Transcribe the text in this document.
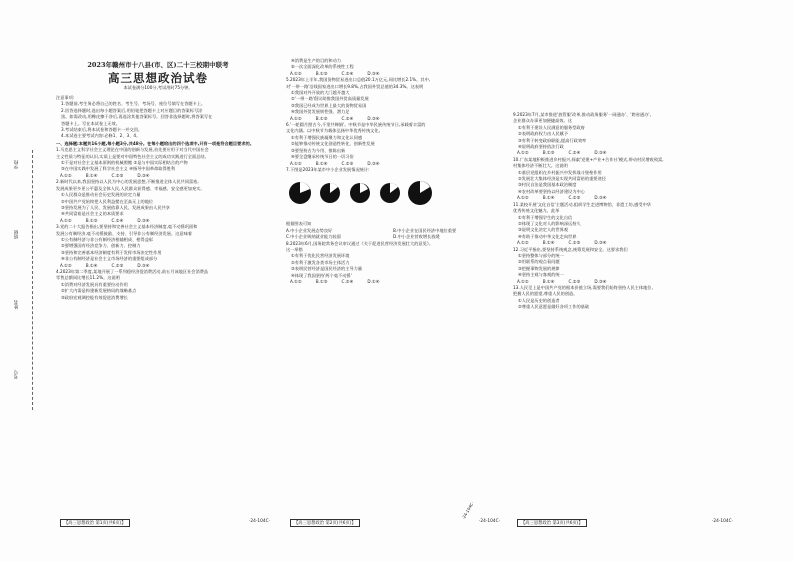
学校
班级
姓名
考号
2023年赣州市十八县(市、区)二十三校期中联考
高三思想政治试卷
本试卷满分100分,考试用时75分钟。
注意事项:
1.答题前,考生务必将自己的姓名、考生号、考场号、座位号填写在答题卡上。
2.回答选择题时,选出每小题答案后,用铅笔把答题卡上对应题目的答案标号涂
黑。如需改动,用橡皮擦干净后,再选涂其他答案标号。回答非选择题时,将答案写在
答题卡上。写在本试卷上无效。
3.考试结束后,将本试卷和答题卡一并交回。
4.本试卷主要考试内容:必修1、2、3、4。
一、选择题:本题共16小题,每小题3分,共48分。在每小题给出的四个选项中,只有一项是符合题目要求的。
1.马克思主义科学社会主义理论在中国的创新与发展,首先要应用于对当代中国社会
主义性质与特征的认识,实质上是要对中国特色社会主义的成功实践进行全面总结。
①不是对社会主义基本原则的机械照搬 ②是与中国实际相结合的产物
③在中国实践中发展了科学社会主义 ④指导中国革命取得胜利
A.①②	B.①④	C.②③	D.③④
2.新时代以来,我国坚持以人民为中心的发展思想,不断推进全体人民共同富裕,
发展成果更多更公平惠及全体人民,人民群众获得感、幸福感、安全感更加充实。
①人民群众是推动社会历史发展的决定力量
②中国共产党始终把人民利益摆在至高无上的地位
③坚持发展为了人民、发展依靠人民、发展成果由人民共享
④共同富裕是社会主义的本质要求
A.①②	B.①③	C.②④	D.③④
3.党的二十大报告指出,要坚持和完善社会主义基本经济制度,毫不动摇巩固和
发展公有制经济,毫不动摇鼓励、支持、引导非公有制经济发展。这意味着
①公有制经济与非公有制经济相辅相成、相得益彰
②要增强国有经济竞争力、创新力、控制力
③坚持和完善基本经济制度有利于发挥市场决定性作用
④非公有制经济是社会主义市场经济的重要组成部分
A.①②	B.①④	C.②③	D.③④
4.2023年第二季度,某地开展了一系列稳经济促消费活动,前五月该地区社会消费品
零售总额同比增长11.2%。这说明
①消费对经济发展具有重要拉动作用
②扩大内需是构建新发展格局的战略基点
③政府宏观调控能有效促进消费增长
④消费是生产的目的和动力
⑤一次全面深化改革的系统性工程
A.①②	B.①③	C.②④	D.③④
5.2023年上半年,我国货物贸易进出口总值20.1万亿元,同比增长2.1%。其中,
对'一带一路'沿线国家进出口增长9.8%,占我国外贸总值的34.3%。这表明
①我国对外开放的大门越开越大
②'一带一路'倡议助推我国外贸高质量发展
③我国已经成为世界上最大的货物贸易国
④我国外贸发展韧性强、潜力足
A.①②	B.①③	C.②④	D.③④
6.'一轮圆月照古今,千里共婵娟'。中秋节是中华民族传统节日,承载着丰富的
文化内涵。以中秋节为载体弘扬中华优秀传统文化,
①有利于增强民族凝聚力和文化认同感
②能够推动传统文化创造性转化、创新性发展
③要坚持古为今用、推陈出新
④要全盘继承传统节日的一切习俗
A.①②	B.①④	C.②③	D.③④
7.下图是2023年某市中小企业发展情况统计:
根据图表可知
A.中小企业发展态势良好	B.中小企业在国民经济中地位重要
C.中小企业吸纳就业能力较弱	D.中小企业营收增长放缓
8.2023年6月,国务院常务会议审议通过《关于促进民营经济发展壮大的意见》。
这一举措
①有利于优化民营经济发展环境
②有利于激发各类市场主体活力
③表明民营经济是国民经济的主导力量
④体现了我国坚持'两个毫不动摇'
A.①②	B.①③	C.②④	D.①④
9.2023年7月,某市推进'放管服'改革,推动政务服务'一网通办'、'跨省通办',
企业群众办事更加便捷高效。这
①有利于建设人民满意的服务型政府
②表明政府权力由人民赋予
③有利于转变政府职能,提高行政效率
④说明政府坚持依法行政
A.①②	B.①③	C.②④	D.③④
10.广东某地积极推进乡村振兴,探索'党建+产业+合作社'模式,带动村民增收致富,
村集体经济不断壮大。这说明
①基层党组织在乡村振兴中发挥战斗堡垒作用
②发展壮大集体经济是实现共同富裕的重要途径
③村民自治是我国基本政治制度
④农村改革要坚持以经济建设为中心
A.①②	B.①④	C.②③	D.③④
11.某校开展'文化自信'主题活动,组织学生走进博物馆、非遗工坊,感受中华
优秀传统文化魅力。此举
①有利于增强学生的文化自信
②体现了文化对人的影响深远持久
③说明文化决定人的世界观
④有助于推动中华文化走向世界
A.①②	B.①④	C.②③	D.③④
12.习近平指出,要坚持系统观念,统筹发展和安全。这要求我们
①坚持整体与部分的统一
②用联系的观点看问题
③把握事物发展的规律
④坚持主观与客观的统一
A.①②	B.①④	C.②③	D.③④
13.人民至上是中国共产党的根本价值立场,需要我们始终坚持人民主体地位,
把握人民的愿望,尊重人民的创造。
①人民是历史的创造者
②尊重人民意愿是做好各项工作的基础
【高三思想政治 第1页(共6页)】	·24-104C·	【高三思想政治 第2页(共6页)】	·24-104C·	【高三思想政治 第3页(共6页)】	·24-104C·
·24-104C·
